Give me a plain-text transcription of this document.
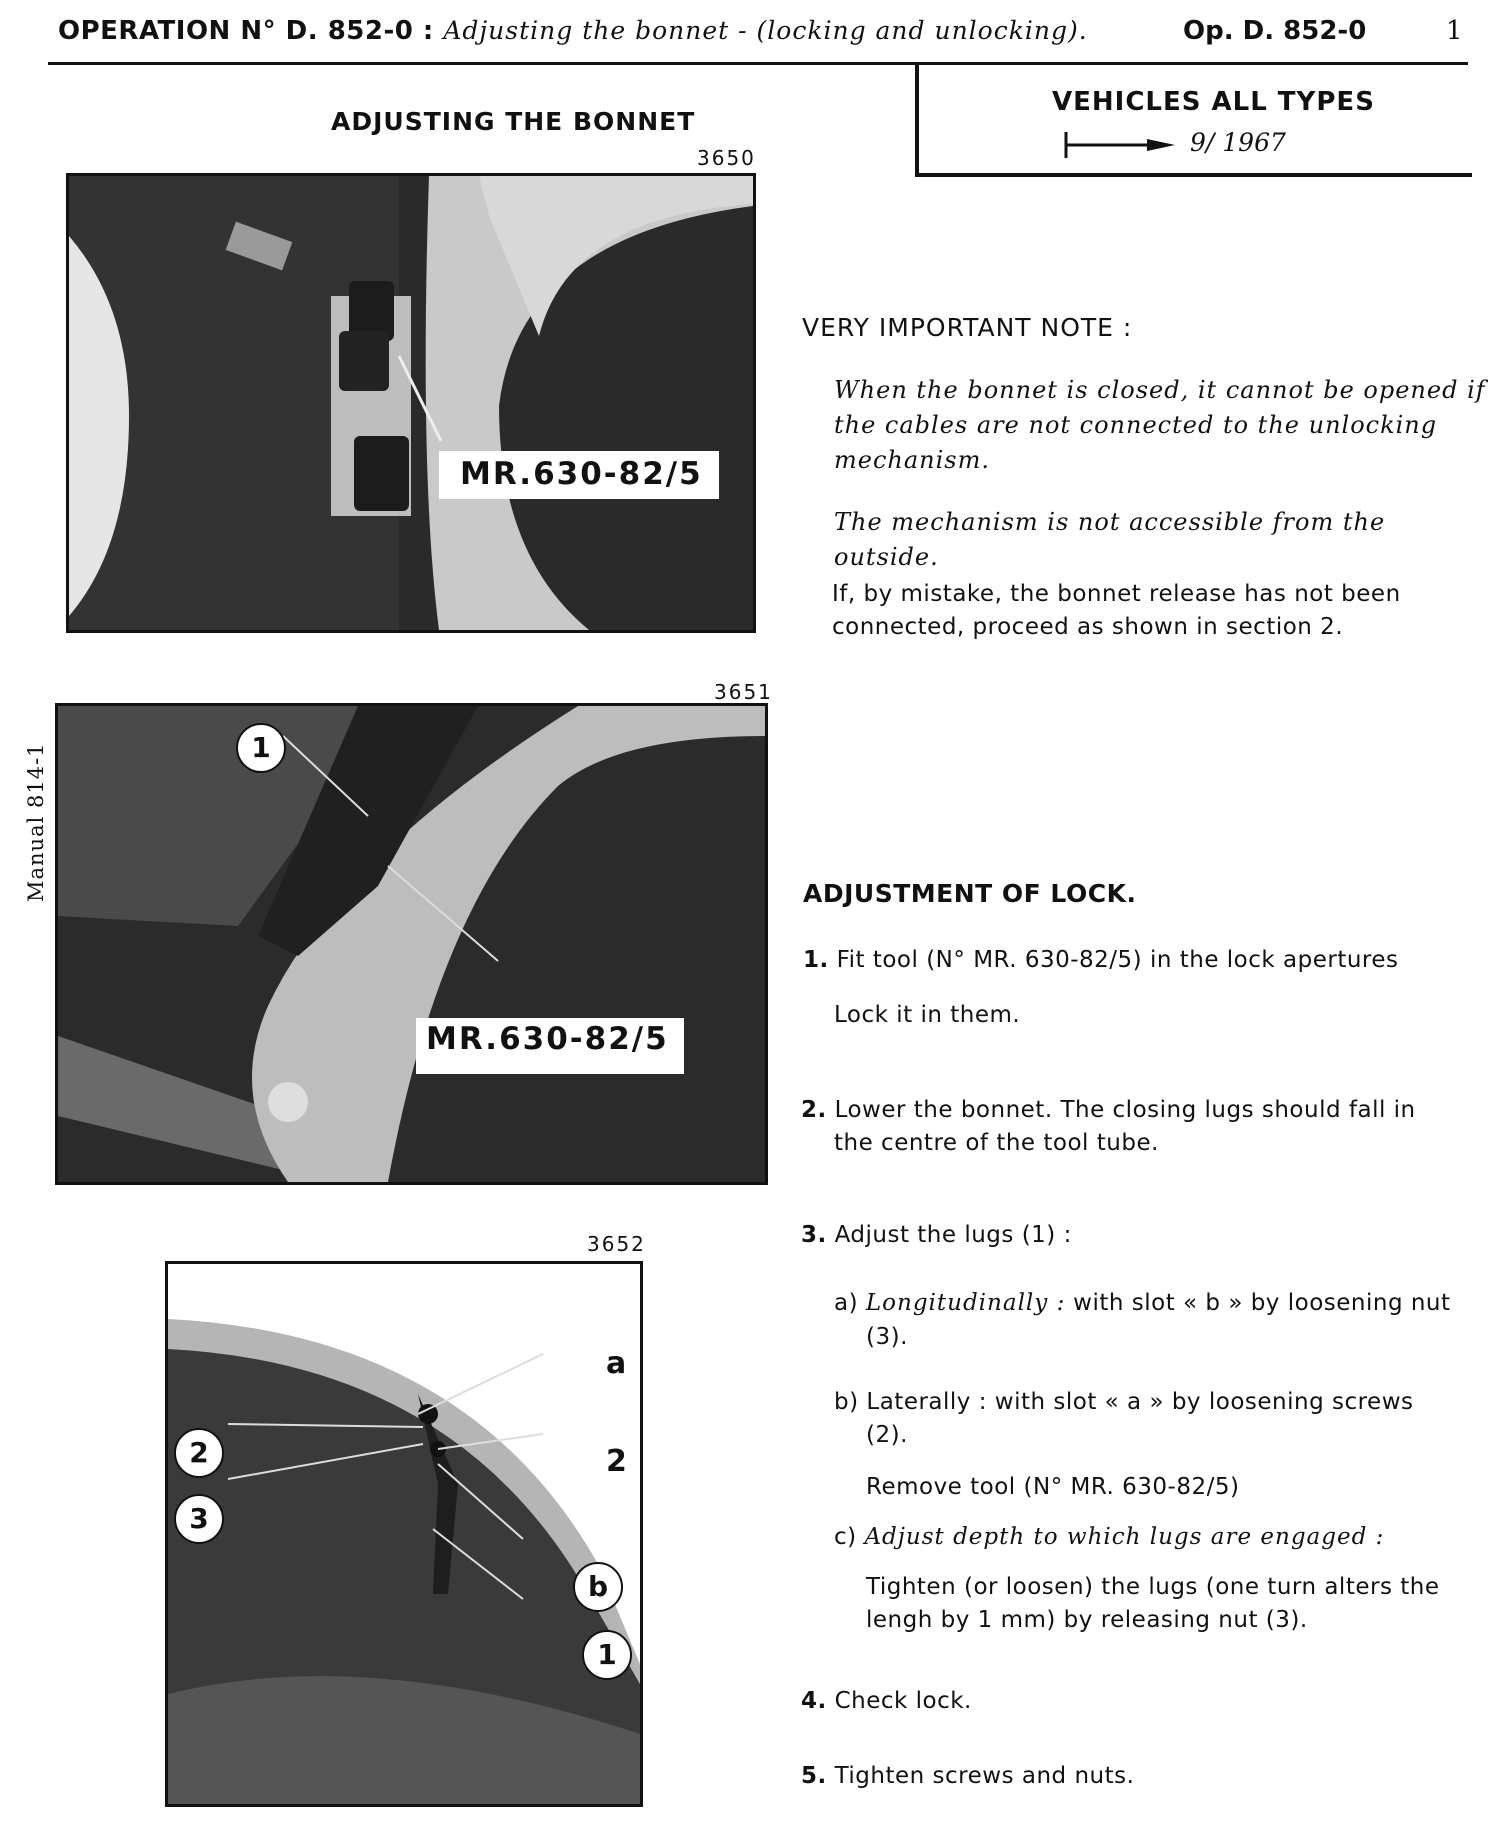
OPERATION N° D. 852-0 : Adjusting the bonnet - (locking and unlocking).	Op. D. 852-0	1
VEHICLES ALL TYPES
9/ 1967
ADJUSTING THE BONNET
Manual 814-1
3650
MR.630-82/5
3651
1
MR.630-82/5
3652
a
2	2
3
b
1
VERY IMPORTANT NOTE :
When the bonnet is closed, it cannot be opened if
the cables are not connected to the unlocking
mechanism.
The mechanism is not accessible from the outside.
If, by mistake, the bonnet release has not been
connected, proceed as shown in section 2.
ADJUSTMENT OF LOCK.
1. Fit tool (N° MR. 630-82/5) in the lock apertures
Lock it in them.
2. Lower the bonnet. The closing lugs should fall in
the centre of the tool tube.
3. Adjust the lugs (1) :
a) Longitudinally : with slot « b » by loosening nut
(3).
b) Laterally : with slot « a » by loosening screws
(2).
Remove tool (N° MR. 630-82/5)
c) Adjust depth to which lugs are engaged :
Tighten (or loosen) the lugs (one turn alters the
lengh by 1 mm) by releasing nut (3).
4. Check lock.
5. Tighten screws and nuts.
